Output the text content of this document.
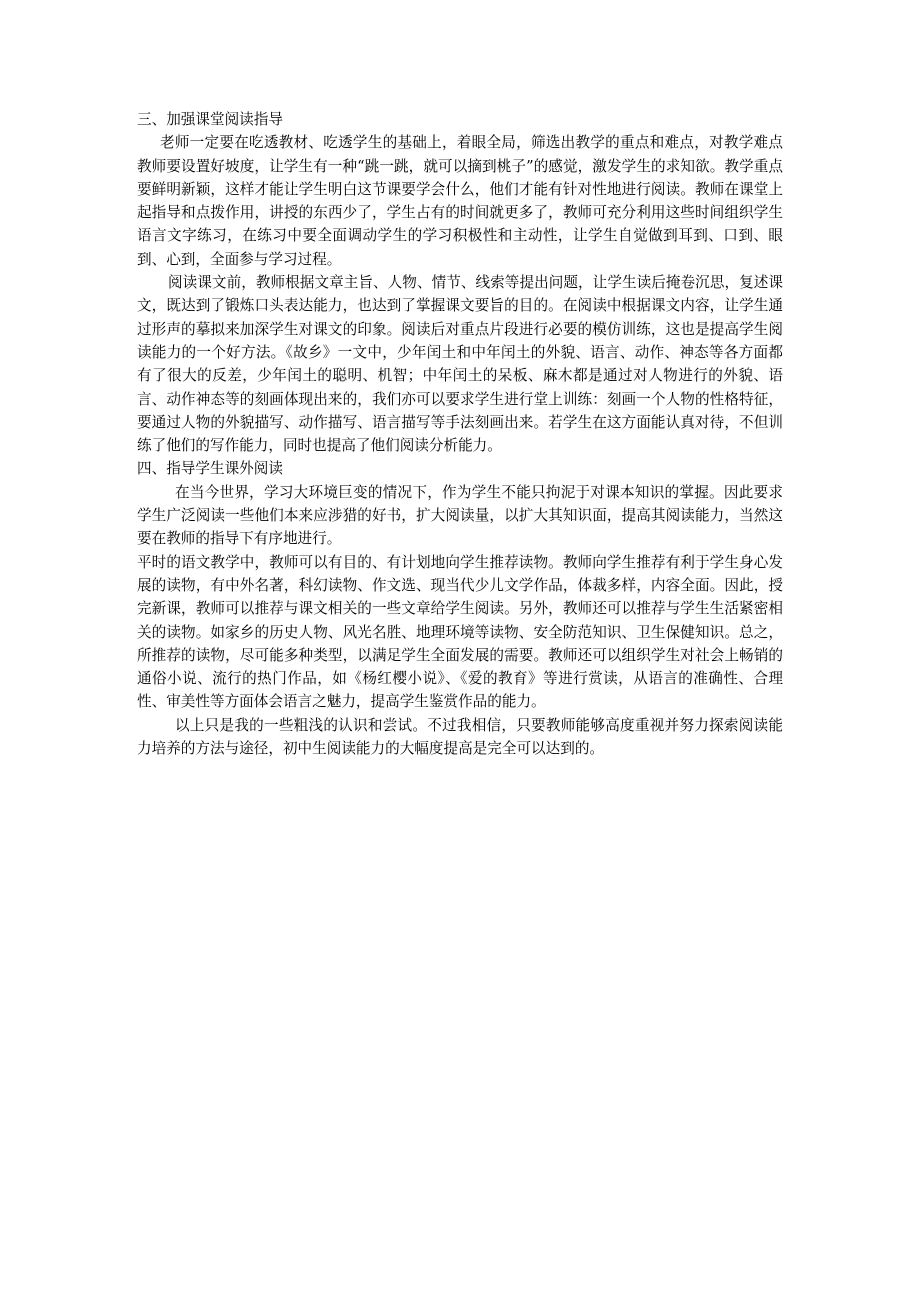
三、加强课堂阅读指导

老师一定要在吃透教材、吃透学生的基础上，着眼全局，筛选出教学的重点和难点，对教学难点教师要设置好坡度，让学生有一种“跳一跳，就可以摘到桃子”的感觉，激发学生的求知欲。教学重点要鲜明新颖，这样才能让学生明白这节课要学会什么，他们才能有针对性地进行阅读。教师在课堂上起指导和点拨作用，讲授的东西少了，学生占有的时间就更多了，教师可充分利用这些时间组织学生语言文字练习，在练习中要全面调动学生的学习积极性和主动性，让学生自觉做到耳到、口到、眼到、心到，全面参与学习过程。

阅读课文前，教师根据文章主旨、人物、情节、线索等提出问题，让学生读后掩卷沉思，复述课文，既达到了锻炼口头表达能力，也达到了掌握课文要旨的目的。在阅读中根据课文内容，让学生通过形声的摹拟来加深学生对课文的印象。阅读后对重点片段进行必要的模仿训练，这也是提高学生阅读能力的一个好方法。《故乡》一文中，少年闰土和中年闰土的外貌、语言、动作、神态等各方面都有了很大的反差，少年闰土的聪明、机智；中年闰土的呆板、麻木都是通过对人物进行的外貌、语言、动作神态等的刻画体现出来的，我们亦可以要求学生进行堂上训练：刻画一个人物的性格特征，要通过人物的外貌描写、动作描写、语言描写等手法刻画出来。若学生在这方面能认真对待，不但训练了他们的写作能力，同时也提高了他们阅读分析能力。

四、指导学生课外阅读

在当今世界，学习大环境巨变的情况下，作为学生不能只拘泥于对课本知识的掌握。因此要求学生广泛阅读一些他们本来应涉猎的好书，扩大阅读量，以扩大其知识面，提高其阅读能力，当然这要在教师的指导下有序地进行。

平时的语文教学中，教师可以有目的、有计划地向学生推荐读物。教师向学生推荐有利于学生身心发展的读物，有中外名著，科幻读物、作文选、现当代少儿文学作品，体裁多样，内容全面。因此，授完新课，教师可以推荐与课文相关的一些文章给学生阅读。另外，教师还可以推荐与学生生活紧密相关的读物。如家乡的历史人物、风光名胜、地理环境等读物、安全防范知识、卫生保健知识。总之，所推荐的读物，尽可能多种类型，以满足学生全面发展的需要。教师还可以组织学生对社会上畅销的通俗小说、流行的热门作品，如《杨红樱小说》、《爱的教育》等进行赏读，从语言的准确性、合理性、审美性等方面体会语言之魅力，提高学生鉴赏作品的能力。

以上只是我的一些粗浅的认识和尝试。不过我相信，只要教师能够高度重视并努力探索阅读能力培养的方法与途径，初中生阅读能力的大幅度提高是完全可以达到的。
